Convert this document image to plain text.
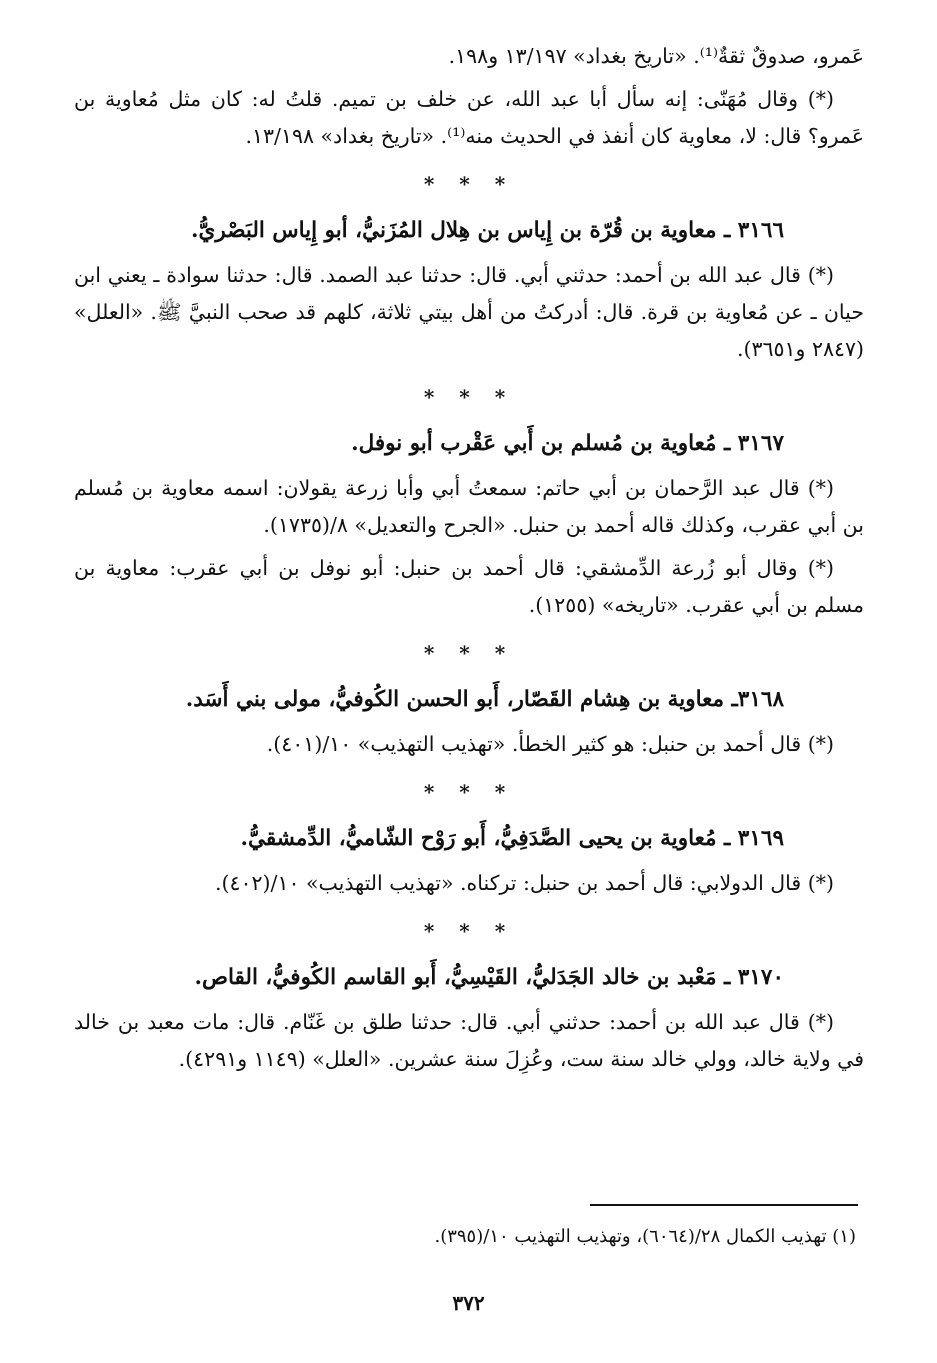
عَمرو، صدوقٌ ثقةٌ⁽¹⁾. «تاريخ بغداد» ١٣/١٩٧ و١٩٨.

(*) وقال مُهَنّى: إنه سأل أبا عبد الله، عن خلف بن تميم. قلتُ له: كان مثل مُعاوية بن عَمرو؟ قال: لا، معاوية كان أنفذ في الحديث منه⁽¹⁾. «تاريخ بغداد» ١٣/١٩٨.

* * *
٣١٦٦ ـ معاوية بن قُرّة بن إِياس بن هِلال المُزَنيُّ، أبو إِياس البَصْريُّ.

(*) قال عبد الله بن أحمد: حدثني أبي. قال: حدثنا عبد الصمد. قال: حدثنا سوادة ـ يعني ابن حيان ـ عن مُعاوية بن قرة. قال: أدركتُ من أهل بيتي ثلاثة، كلهم قد صحب النبيَّ ﷺ. «العلل» (٢٨٤٧ و٣٦٥١).

* * *
٣١٦٧ ـ مُعاوية بن مُسلم بن أَبي عَقْرب أبو نوفل.

(*) قال عبد الرَّحمان بن أبي حاتم: سمعتُ أبي وأبا زرعة يقولان: اسمه معاوية بن مُسلم بن أبي عقرب، وكذلك قاله أحمد بن حنبل. «الجرح والتعديل» ٨/(١٧٣٥).

(*) وقال أبو زُرعة الدِّمشقي: قال أحمد بن حنبل: أبو نوفل بن أبي عقرب: معاوية بن مسلم بن أبي عقرب. «تاريخه» (١٢٥٥).

* * *
٣١٦٨ـ معاوية بن هِشام القَصّار، أَبو الحسن الكُوفيُّ، مولى بني أَسَد.

(*) قال أحمد بن حنبل: هو كثير الخطأ. «تهذيب التهذيب» ١٠/(٤٠١).

* * *
٣١٦٩ ـ مُعاوية بن يحيى الصَّدَفِيُّ، أَبو رَوْح الشّاميُّ، الدِّمشقيُّ.

(*) قال الدولابي: قال أحمد بن حنبل: تركناه. «تهذيب التهذيب» ١٠/(٤٠٢).

* * *
٣١٧٠ ـ مَعْبد بن خالد الجَدَليُّ، القَيْسِيُّ، أَبو القاسم الكُوفيُّ، القاص.

(*) قال عبد الله بن أحمد: حدثني أبي. قال: حدثنا طلق بن غَنّام. قال: مات معبد بن خالد في ولاية خالد، وولي خالد سنة ست، وعُزِلَ سنة عشرين. «العلل» (١١٤٩ و٤٢٩١).

(١) تهذيب الكمال ٢٨/(٦٠٦٤)، وتهذيب التهذيب ١٠/(٣٩٥).
٣٧٢
